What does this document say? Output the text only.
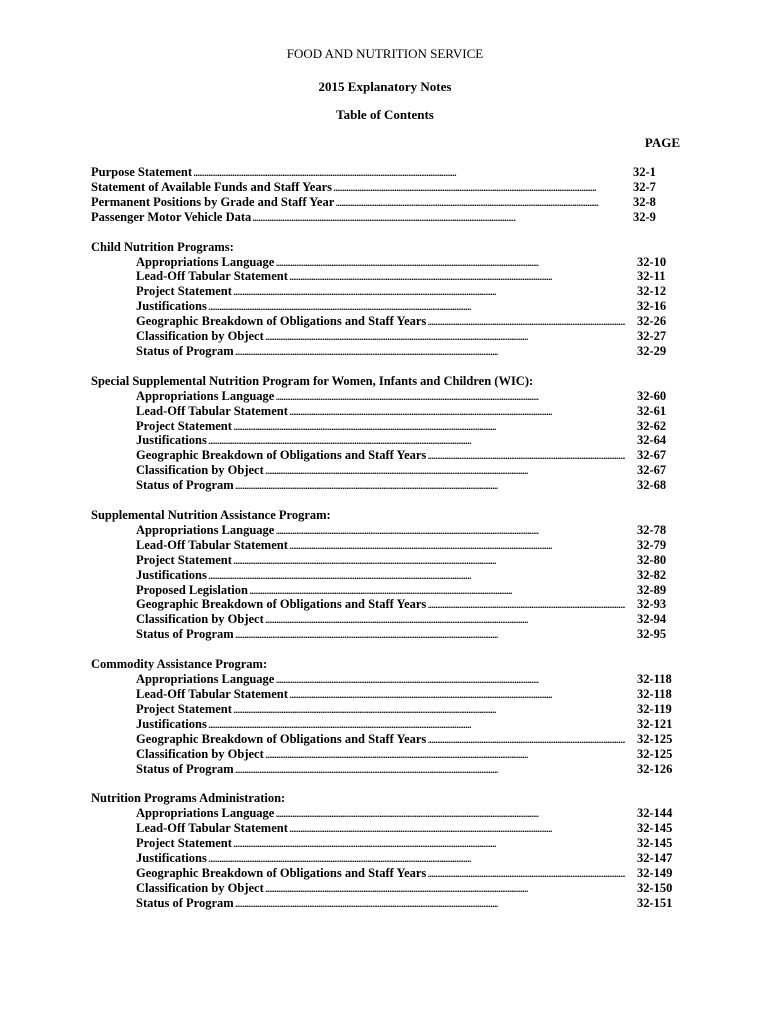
FOOD AND NUTRITION SERVICE
2015 Explanatory Notes
Table of Contents
PAGE
Purpose Statement . . .	32-1
Statement of Available Funds and Staff Years . . .	32-7
Permanent Positions by Grade and Staff Year . . .	32-8
Passenger Motor Vehicle Data . . .	32-9
Child Nutrition Programs:
Appropriations Language . . .	32-10
Lead-Off Tabular Statement . . .	32-11
Project Statement . . .	32-12
Justifications . . .	32-16
Geographic Breakdown of Obligations and Staff Years . . .	32-26
Classification by Object . . .	32-27
Status of Program . . .	32-29
Special Supplemental Nutrition Program for Women, Infants and Children (WIC):
Appropriations Language . . .	32-60
Lead-Off Tabular Statement . . .	32-61
Project Statement . . .	32-62
Justifications . . .	32-64
Geographic Breakdown of Obligations and Staff Years . . .	32-67
Classification by Object . . .	32-67
Status of Program . . .	32-68
Supplemental Nutrition Assistance Program:
Appropriations Language . . .	32-78
Lead-Off Tabular Statement . . .	32-79
Project Statement . . .	32-80
Justifications . . .	32-82
Proposed Legislation . . .	32-89
Geographic Breakdown of Obligations and Staff Years . . .	32-93
Classification by Object . . .	32-94
Status of Program . . .	32-95
Commodity Assistance Program:
Appropriations Language . . .	32-118
Lead-Off Tabular Statement . . .	32-118
Project Statement . . .	32-119
Justifications . . .	32-121
Geographic Breakdown of Obligations and Staff Years . . .	32-125
Classification by Object . . .	32-125
Status of Program . . .	32-126
Nutrition Programs Administration:
Appropriations Language . . .	32-144
Lead-Off Tabular Statement . . .	32-145
Project Statement . . .	32-145
Justifications . . .	32-147
Geographic Breakdown of Obligations and Staff Years . . .	32-149
Classification by Object . . .	32-150
Status of Program . . .	32-151
